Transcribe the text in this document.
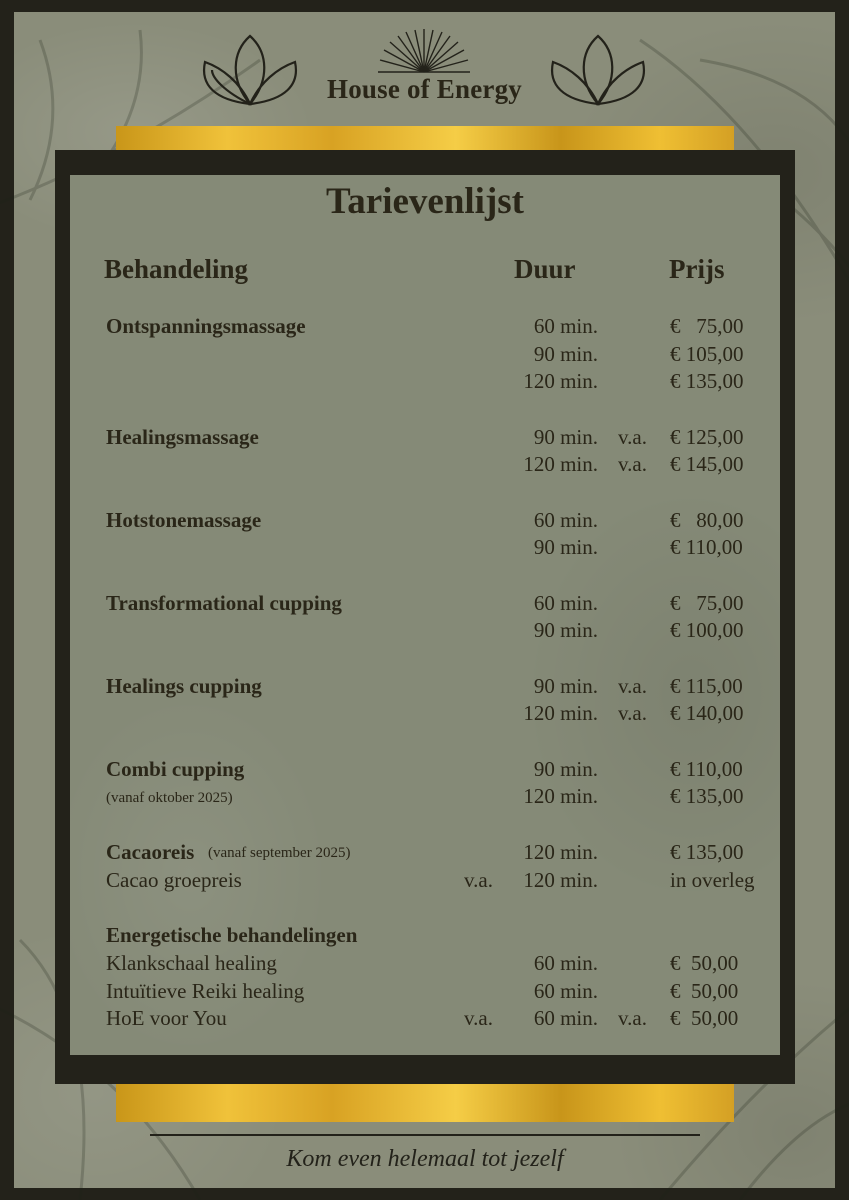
House of Energy
Tarievenlijst
Behandeling	Duur	Prijs
Ontspanningsmassage	60 min.	€   75,00
90 min.	€ 105,00
120 min.	€ 135,00
Healingsmassage	90 min. v.a. € 125,00
120 min. v.a. € 145,00
Hotstonemassage	60 min.	€   80,00
90 min.	€ 110,00
Transformational cupping	60 min.	€   75,00
90 min.	€ 100,00
Healings cupping	90 min. v.a. € 115,00
120 min. v.a. € 140,00
Combi cupping
(vanaf oktober 2025)
90 min.	€ 110,00
120 min.	€ 135,00
Cacaoreis (vanaf september 2025)	120 min.	€ 135,00
Cacao groepreis	v.a.	120 min.	in overleg
Energetische behandelingen
Klankschaal healing	60 min.	€  50,00
Intuïtieve Reiki healing	60 min.	€  50,00
HoE voor You	v.a.	60 min. v.a. €  50,00
Kom even helemaal tot jezelf
